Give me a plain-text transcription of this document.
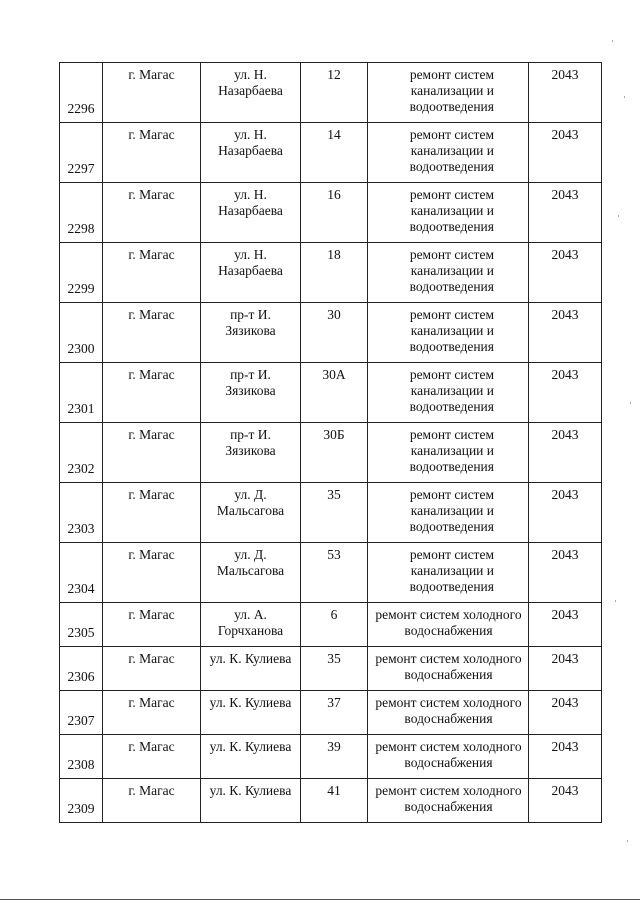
2296	г. Магас	ул. Н. Назарбаева	12	ремонт систем канализации и водоотведения	2043
2297	г. Магас	ул. Н. Назарбаева	14	ремонт систем канализации и водоотведения	2043
2298	г. Магас	ул. Н. Назарбаева	16	ремонт систем канализации и водоотведения	2043
2299	г. Магас	ул. Н. Назарбаева	18	ремонт систем канализации и водоотведения	2043
2300	г. Магас	пр-т И. Зязикова	30	ремонт систем канализации и водоотведения	2043
2301	г. Магас	пр-т И. Зязикова	30А	ремонт систем канализации и водоотведения	2043
2302	г. Магас	пр-т И. Зязикова	30Б	ремонт систем канализации и водоотведения	2043
2303	г. Магас	ул. Д. Мальсагова	35	ремонт систем канализации и водоотведения	2043
2304	г. Магас	ул. Д. Мальсагова	53	ремонт систем канализации и водоотведения	2043
2305	г. Магас	ул. А. Горчханова	6	ремонт систем холодного водоснабжения	2043
2306	г. Магас	ул. К. Кулиева	35	ремонт систем холодного водоснабжения	2043
2307	г. Магас	ул. К. Кулиева	37	ремонт систем холодного водоснабжения	2043
2308	г. Магас	ул. К. Кулиева	39	ремонт систем холодного водоснабжения	2043
2309	г. Магас	ул. К. Кулиева	41	ремонт систем холодного водоснабжения	2043
